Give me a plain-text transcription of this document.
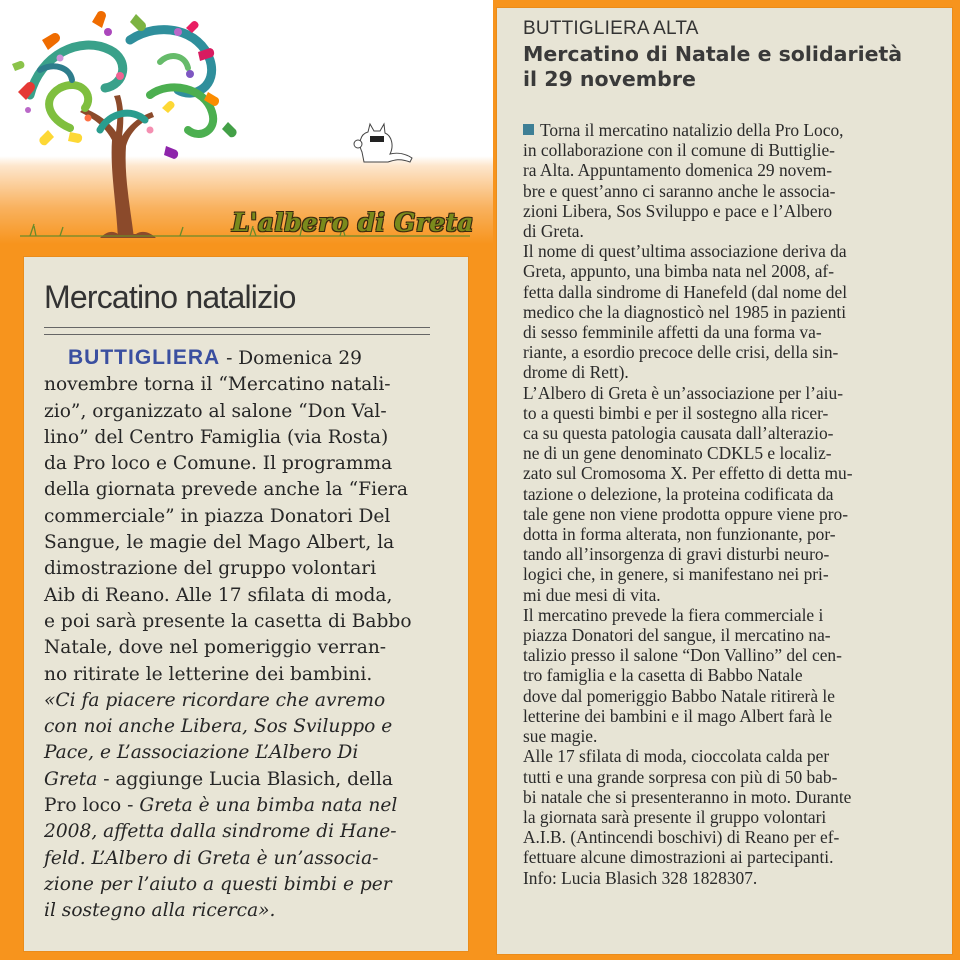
L'albero di Greta
Mercatino natalizio

BUTTIGLIERA - Domenica 29

novembre torna il “Mercatino natali-

zio”, organizzato al salone “Don Val-

lino” del Centro Famiglia (via Rosta)

da Pro loco e Comune. Il programma

della giornata prevede anche la “Fiera

commerciale” in piazza Donatori Del

Sangue, le magie del Mago Albert, la

dimostrazione del gruppo volontari

Aib di Reano. Alle 17 sfilata di moda,

e poi sarà presente la casetta di Babbo

Natale, dove nel pomeriggio verran-

no ritirate le letterine dei bambini.

«Ci fa piacere ricordare che avremo

con noi anche Libera, Sos Sviluppo e

Pace, e L’associazione L’Albero Di

Greta - aggiunge Lucia Blasich, della

Pro loco - Greta è una bimba nata nel

2008, affetta dalla sindrome di Hane-

feld. L’Albero di Greta è un’associa-

zione per l’aiuto a questi bimbi e per

il sostegno alla ricerca».

BUTTIGLIERA ALTA
Mercatino di Natale e solidarietà
il 29 novembre

Torna il mercatino natalizio della Pro Loco,

in collaborazione con il comune di Buttiglie-

ra Alta. Appuntamento domenica 29 novem-

bre e quest’anno ci saranno anche le associa-

zioni Libera, Sos Sviluppo e pace e l’Albero

di Greta.

Il nome di quest’ultima associazione deriva da

Greta, appunto, una bimba nata nel 2008, af-

fetta dalla sindrome di Hanefeld (dal nome del

medico che la diagnosticò nel 1985 in pazienti

di sesso femminile affetti da una forma va-

riante, a esordio precoce delle crisi, della sin-

drome di Rett).

L’Albero di Greta è un’associazione per l’aiu-

to a questi bimbi e per il sostegno alla ricer-

ca su questa patologia causata dall’alterazio-

ne di un gene denominato CDKL5 e localiz-

zato sul Cromosoma X. Per effetto di detta mu-

tazione o delezione, la proteina codificata da

tale gene non viene prodotta oppure viene pro-

dotta in forma alterata, non funzionante, por-

tando all’insorgenza di gravi disturbi neuro-

logici che, in genere, si manifestano nei pri-

mi due mesi di vita.

Il mercatino prevede la fiera commerciale i

piazza Donatori del sangue, il mercatino na-

talizio presso il salone “Don Vallino” del cen-

tro famiglia e la casetta di Babbo Natale

dove dal pomeriggio Babbo Natale ritirerà le

letterine dei bambini e il mago Albert farà le

sue magie.

Alle 17 sfilata di moda, cioccolata calda per

tutti e una grande sorpresa con più di 50 bab-

bi natale che si presenteranno in moto. Durante

la giornata sarà presente il gruppo volontari

A.I.B. (Antincendi boschivi) di Reano per ef-

fettuare alcune dimostrazioni ai partecipanti.

Info: Lucia Blasich 328 1828307.
